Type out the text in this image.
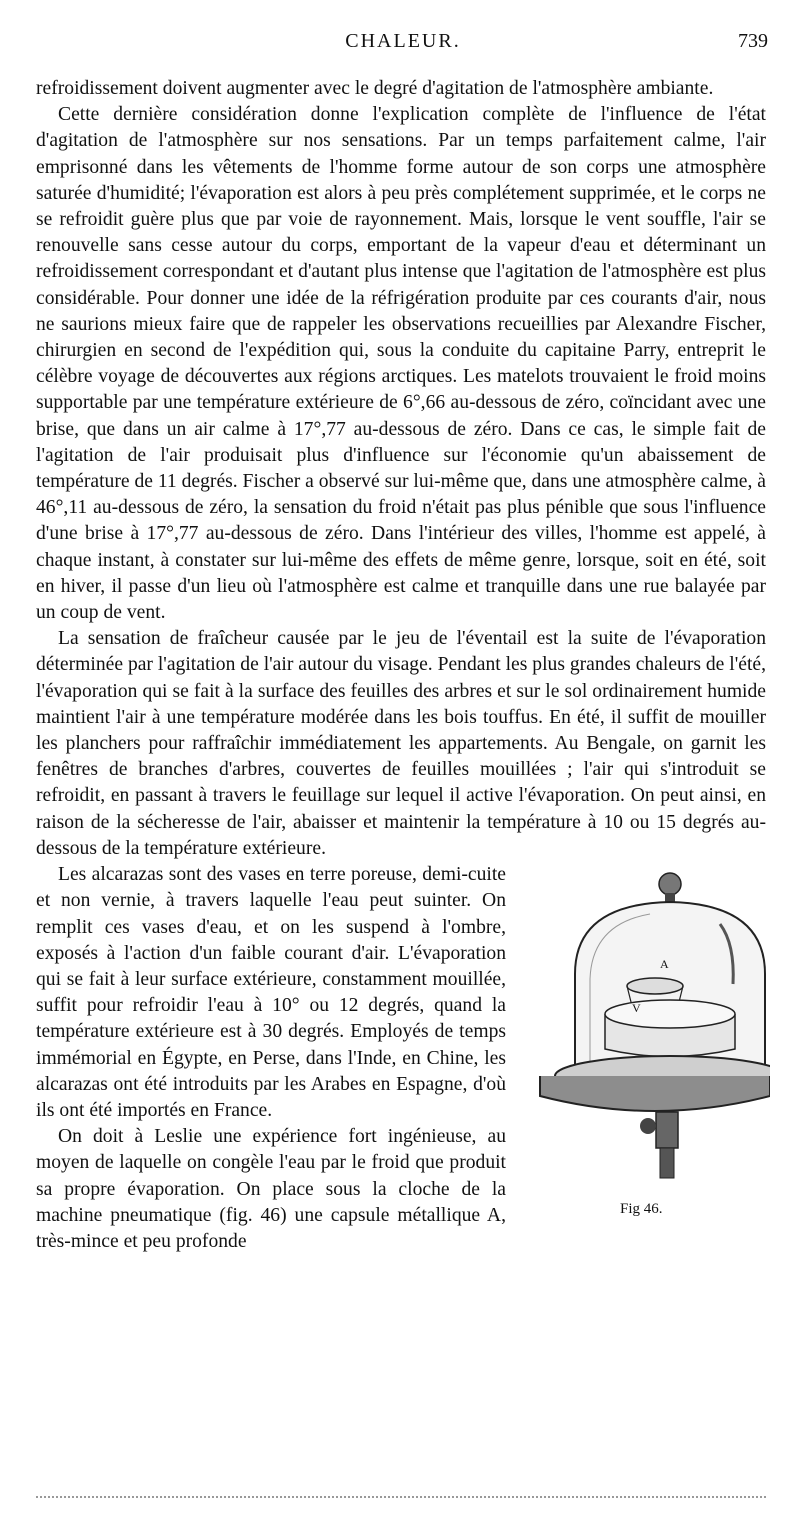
CHALEUR.	739

refroidissement doivent augmenter avec le degré d'agitation de l'atmosphère ambiante.

Cette dernière considération donne l'explication complète de l'influence de l'état d'agitation de l'atmosphère sur nos sensations. Par un temps parfaitement calme, l'air emprisonné dans les vêtements de l'homme forme autour de son corps une atmosphère saturée d'humidité; l'évaporation est alors à peu près complétement supprimée, et le corps ne se refroidit guère plus que par voie de rayonnement. Mais, lorsque le vent souffle, l'air se renouvelle sans cesse autour du corps, emportant de la vapeur d'eau et déterminant un refroidissement correspondant et d'autant plus intense que l'agitation de l'atmosphère est plus considérable. Pour donner une idée de la réfrigération produite par ces courants d'air, nous ne saurions mieux faire que de rappeler les observations recueillies par Alexandre Fischer, chirurgien en second de l'expédition qui, sous la conduite du capitaine Parry, entreprit le célèbre voyage de découvertes aux régions arctiques. Les matelots trouvaient le froid moins supportable par une température extérieure de 6°,66 au-dessous de zéro, coïncidant avec une brise, que dans un air calme à 17°,77 au-dessous de zéro. Dans ce cas, le simple fait de l'agitation de l'air produisait plus d'influence sur l'économie qu'un abaissement de température de 11 degrés. Fischer a observé sur lui-même que, dans une atmosphère calme, à 46°,11 au-dessous de zéro, la sensation du froid n'était pas plus pénible que sous l'influence d'une brise à 17°,77 au-dessous de zéro. Dans l'intérieur des villes, l'homme est appelé, à chaque instant, à constater sur lui-même des effets de même genre, lorsque, soit en été, soit en hiver, il passe d'un lieu où l'atmosphère est calme et tranquille dans une rue balayée par un coup de vent.

La sensation de fraîcheur causée par le jeu de l'éventail est la suite de l'évaporation déterminée par l'agitation de l'air autour du visage. Pendant les plus grandes chaleurs de l'été, l'évaporation qui se fait à la surface des feuilles des arbres et sur le sol ordinairement humide maintient l'air à une température modérée dans les bois touffus. En été, il suffit de mouiller les planchers pour raffraîchir immédiatement les appartements. Au Bengale, on garnit les fenêtres de branches d'arbres, couvertes de feuilles mouillées ; l'air qui s'introduit se refroidit, en passant à travers le feuillage sur lequel il active l'évaporation. On peut ainsi, en raison de la sécheresse de l'air, abaisser et maintenir la température à 10 ou 15 degrés au-dessous de la température extérieure.

A
V
Fig 46.

Les alcarazas sont des vases en terre poreuse, demi-cuite et non vernie, à travers laquelle l'eau peut suinter. On remplit ces vases d'eau, et on les suspend à l'ombre, exposés à l'action d'un faible courant d'air. L'évaporation qui se fait à leur surface extérieure, constamment mouillée, suffit pour refroidir l'eau à 10° ou 12 degrés, quand la température extérieure est à 30 degrés. Employés de temps immémorial en Égypte, en Perse, dans l'Inde, en Chine, les alcarazas ont été introduits par les Arabes en Espagne, d'où ils ont été importés en France.

On doit à Leslie une expérience fort ingénieuse, au moyen de laquelle on congèle l'eau par le froid que produit sa propre évaporation. On place sous la cloche de la machine pneumatique (fig. 46) une capsule métallique A, très-mince et peu profonde
